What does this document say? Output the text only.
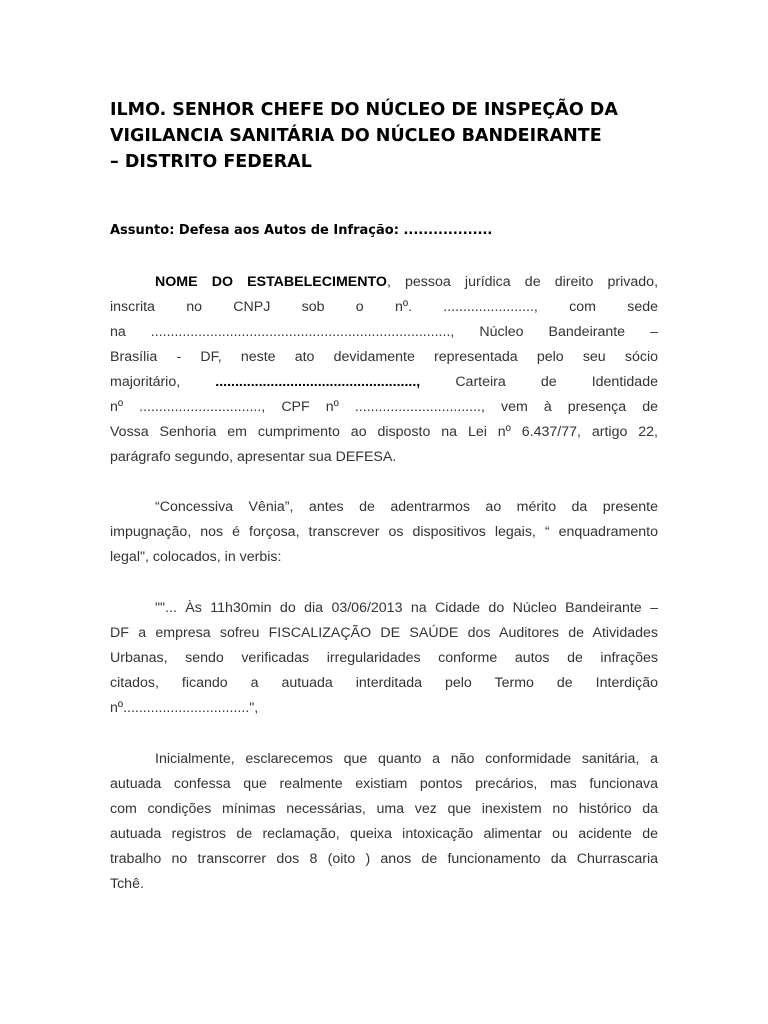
ILMO. SENHOR CHEFE DO NÚCLEO DE INSPEÇÃO DA
VIGILANCIA SANITÁRIA DO NÚCLEO BANDEIRANTE
– DISTRITO FEDERAL
Assunto: Defesa aos Autos de Infração: ..................
NOME DO ESTABELECIMENTO, pessoa jurídica de direito privado,
inscrita no CNPJ sob o nº. ......................., com sede
na ............................................................................, Núcleo Bandeirante –
Brasília - DF, neste ato devidamente representada pelo seu sócio
majoritário, ..................................................., Carteira de Identidade
nº ..............................., CPF nº ................................, vem à presença de
Vossa Senhoria em cumprimento ao disposto na Lei nº 6.437/77, artigo 22,
parágrafo segundo, apresentar sua DEFESA.
“Concessiva Vênia”, antes de adentrarmos ao mérito da presente
impugnação, nos é forçosa, transcrever os dispositivos legais, “ enquadramento
legal", colocados, in verbis:
""... Às 11h30min do dia 03/06/2013 na Cidade do Núcleo Bandeirante –
DF a empresa sofreu FISCALIZAÇÃO DE SAÚDE dos Auditores de Atividades
Urbanas, sendo verificadas irregularidades conforme autos de infrações
citados, ficando a autuada interditada pelo Termo de Interdição
nº................................",
Inicialmente, esclarecemos que quanto a não conformidade sanitária, a
autuada confessa que realmente existiam pontos precários, mas funcionava
com condições mínimas necessárias, uma vez que inexistem no histórico da
autuada registros de reclamação, queixa intoxicação alimentar ou acidente de
trabalho no transcorrer dos 8 (oito ) anos de funcionamento da Churrascaria
Tchê.
